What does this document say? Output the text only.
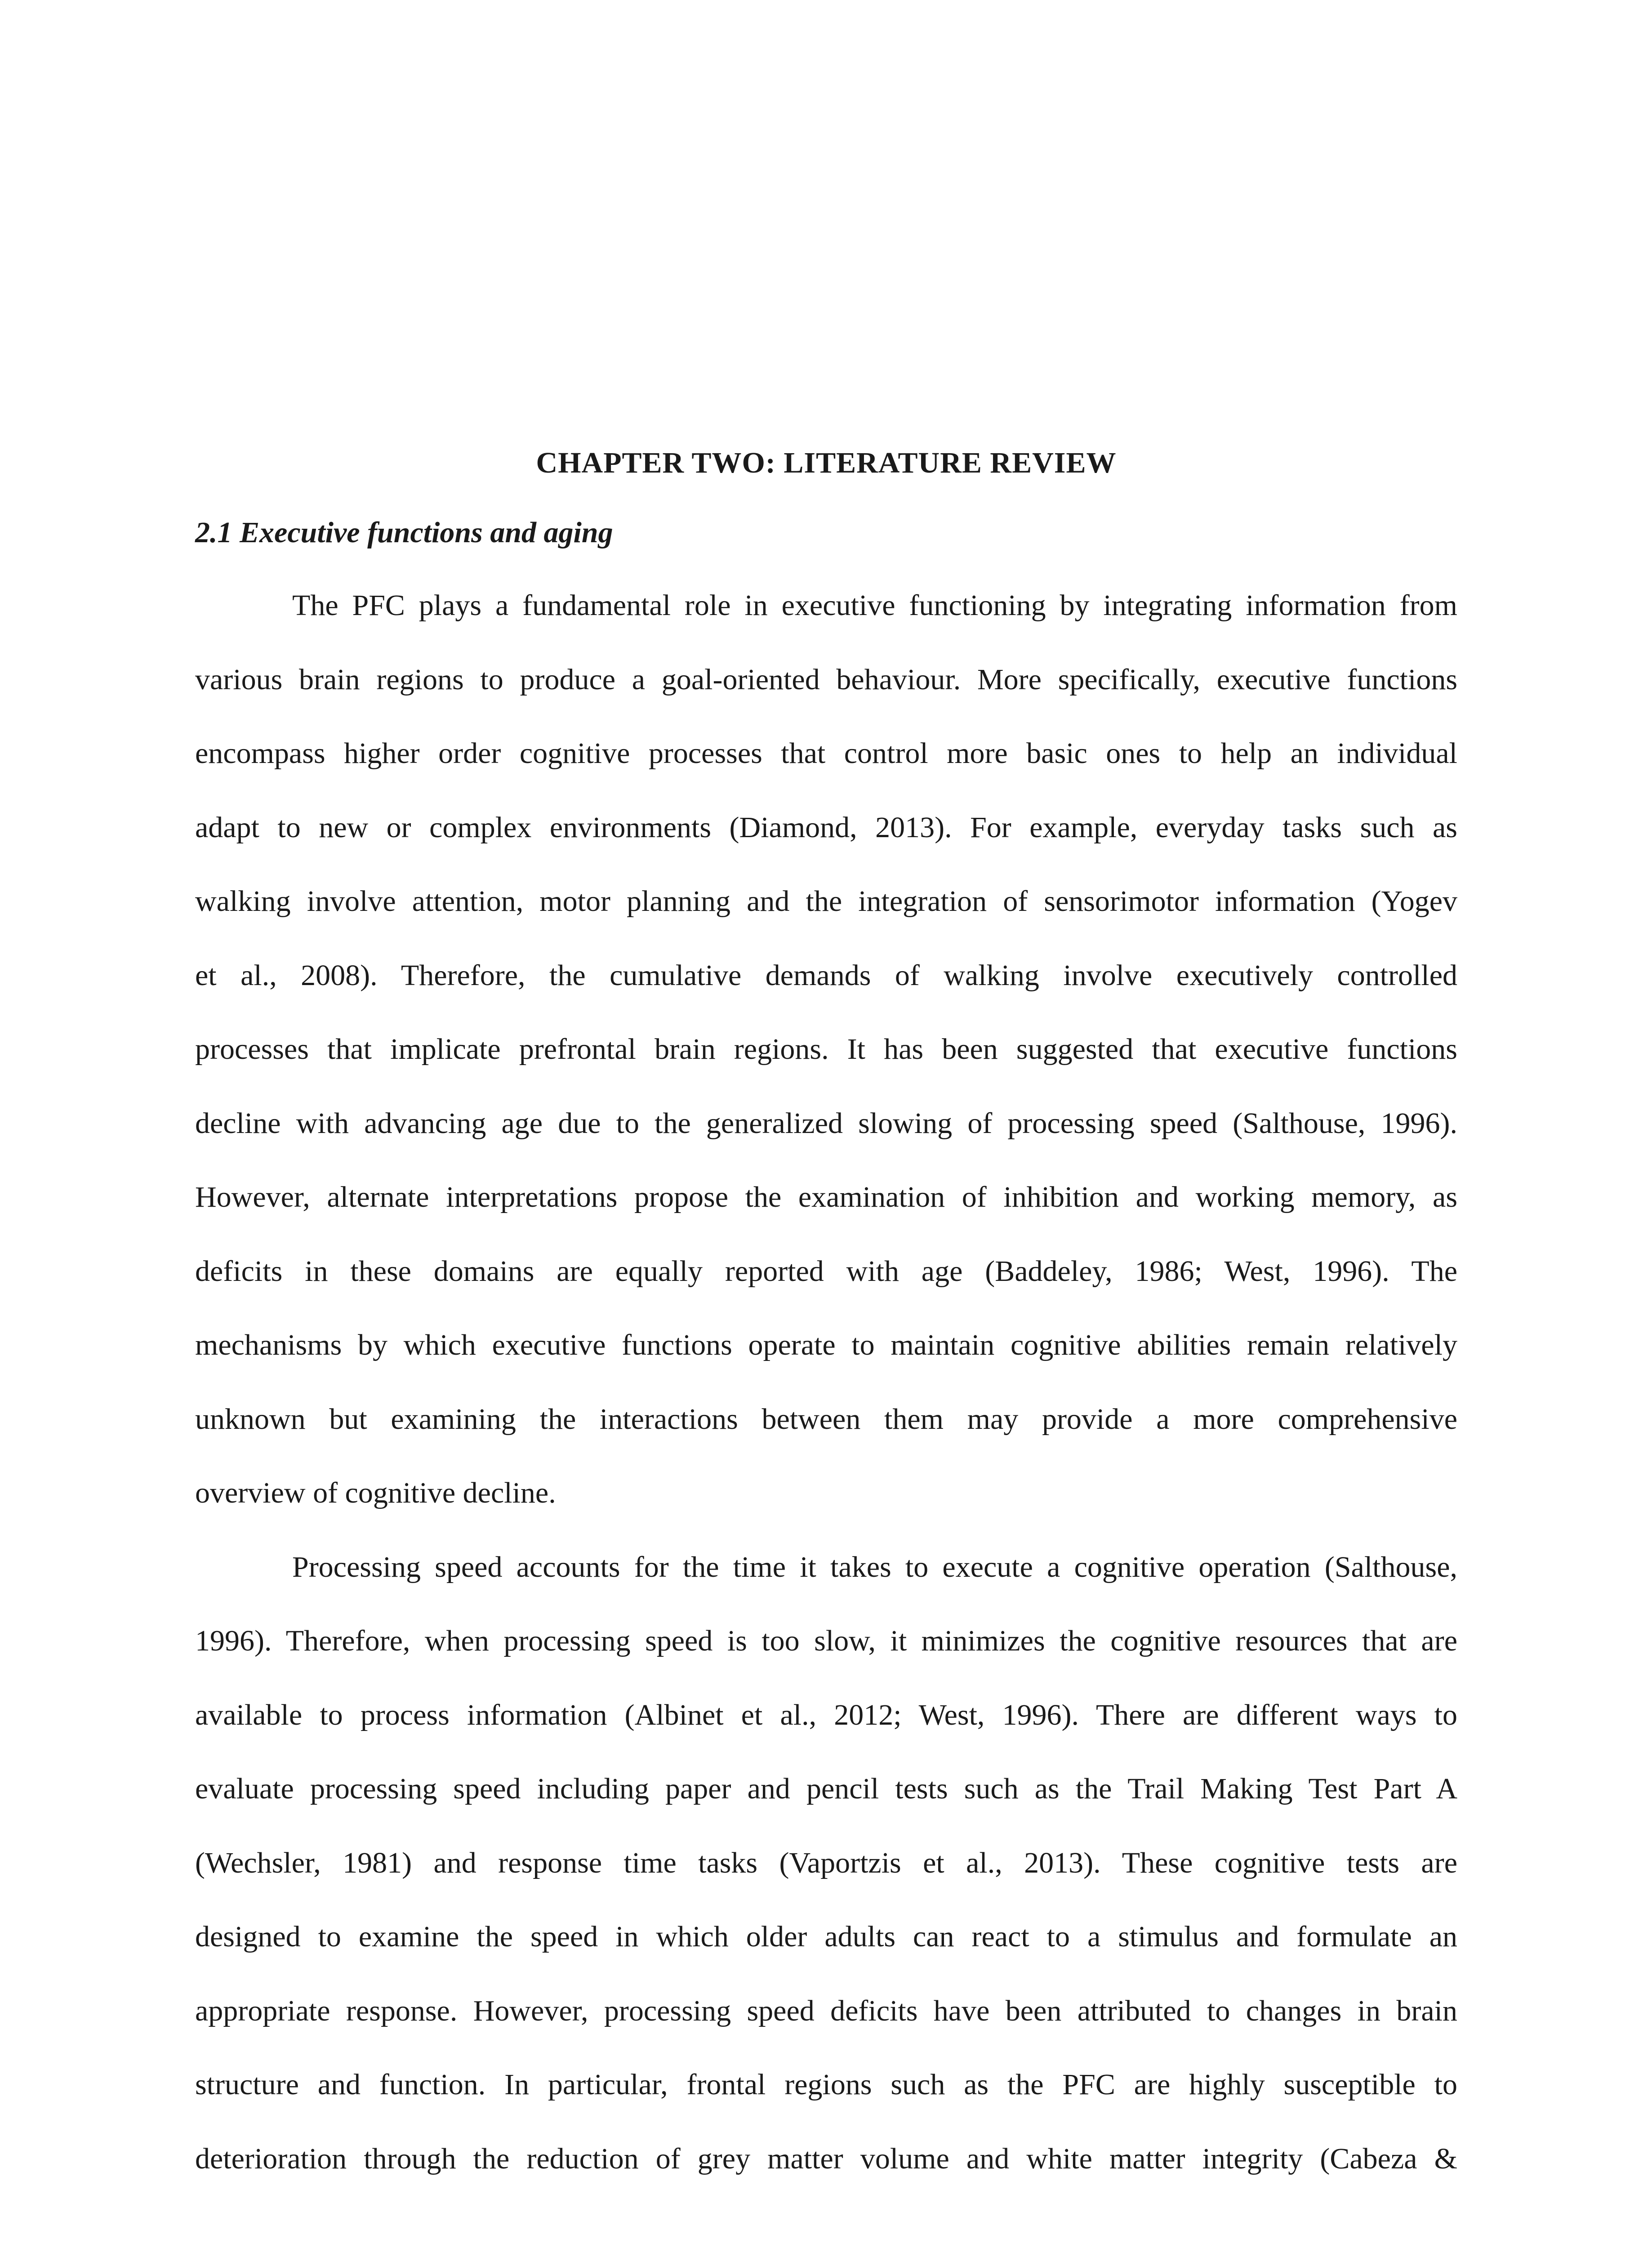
CHAPTER TWO: LITERATURE REVIEW
2.1 Executive functions and aging
The PFC plays a fundamental role in executive functioning by integrating information from
various brain regions to produce a goal-oriented behaviour. More specifically, executive functions
encompass higher order cognitive processes that control more basic ones to help an individual
adapt to new or complex environments (Diamond, 2013). For example, everyday tasks such as
walking involve attention, motor planning and the integration of sensorimotor information (Yogev
et al., 2008). Therefore, the cumulative demands of walking involve executively controlled
processes that implicate prefrontal brain regions. It has been suggested that executive functions
decline with advancing age due to the generalized slowing of processing speed (Salthouse, 1996).
However, alternate interpretations propose the examination of inhibition and working memory, as
deficits in these domains are equally reported with age (Baddeley, 1986; West, 1996). The
mechanisms by which executive functions operate to maintain cognitive abilities remain relatively
unknown but examining the interactions between them may provide a more comprehensive
overview of cognitive decline.
Processing speed accounts for the time it takes to execute a cognitive operation (Salthouse,
1996). Therefore, when processing speed is too slow, it minimizes the cognitive resources that are
available to process information (Albinet et al., 2012; West, 1996). There are different ways to
evaluate processing speed including paper and pencil tests such as the Trail Making Test Part A
(Wechsler, 1981) and response time tasks (Vaportzis et al., 2013). These cognitive tests are
designed to examine the speed in which older adults can react to a stimulus and formulate an
appropriate response. However, processing speed deficits have been attributed to changes in brain
structure and function. In particular, frontal regions such as the PFC are highly susceptible to
deterioration through the reduction of grey matter volume and white matter integrity (Cabeza &
